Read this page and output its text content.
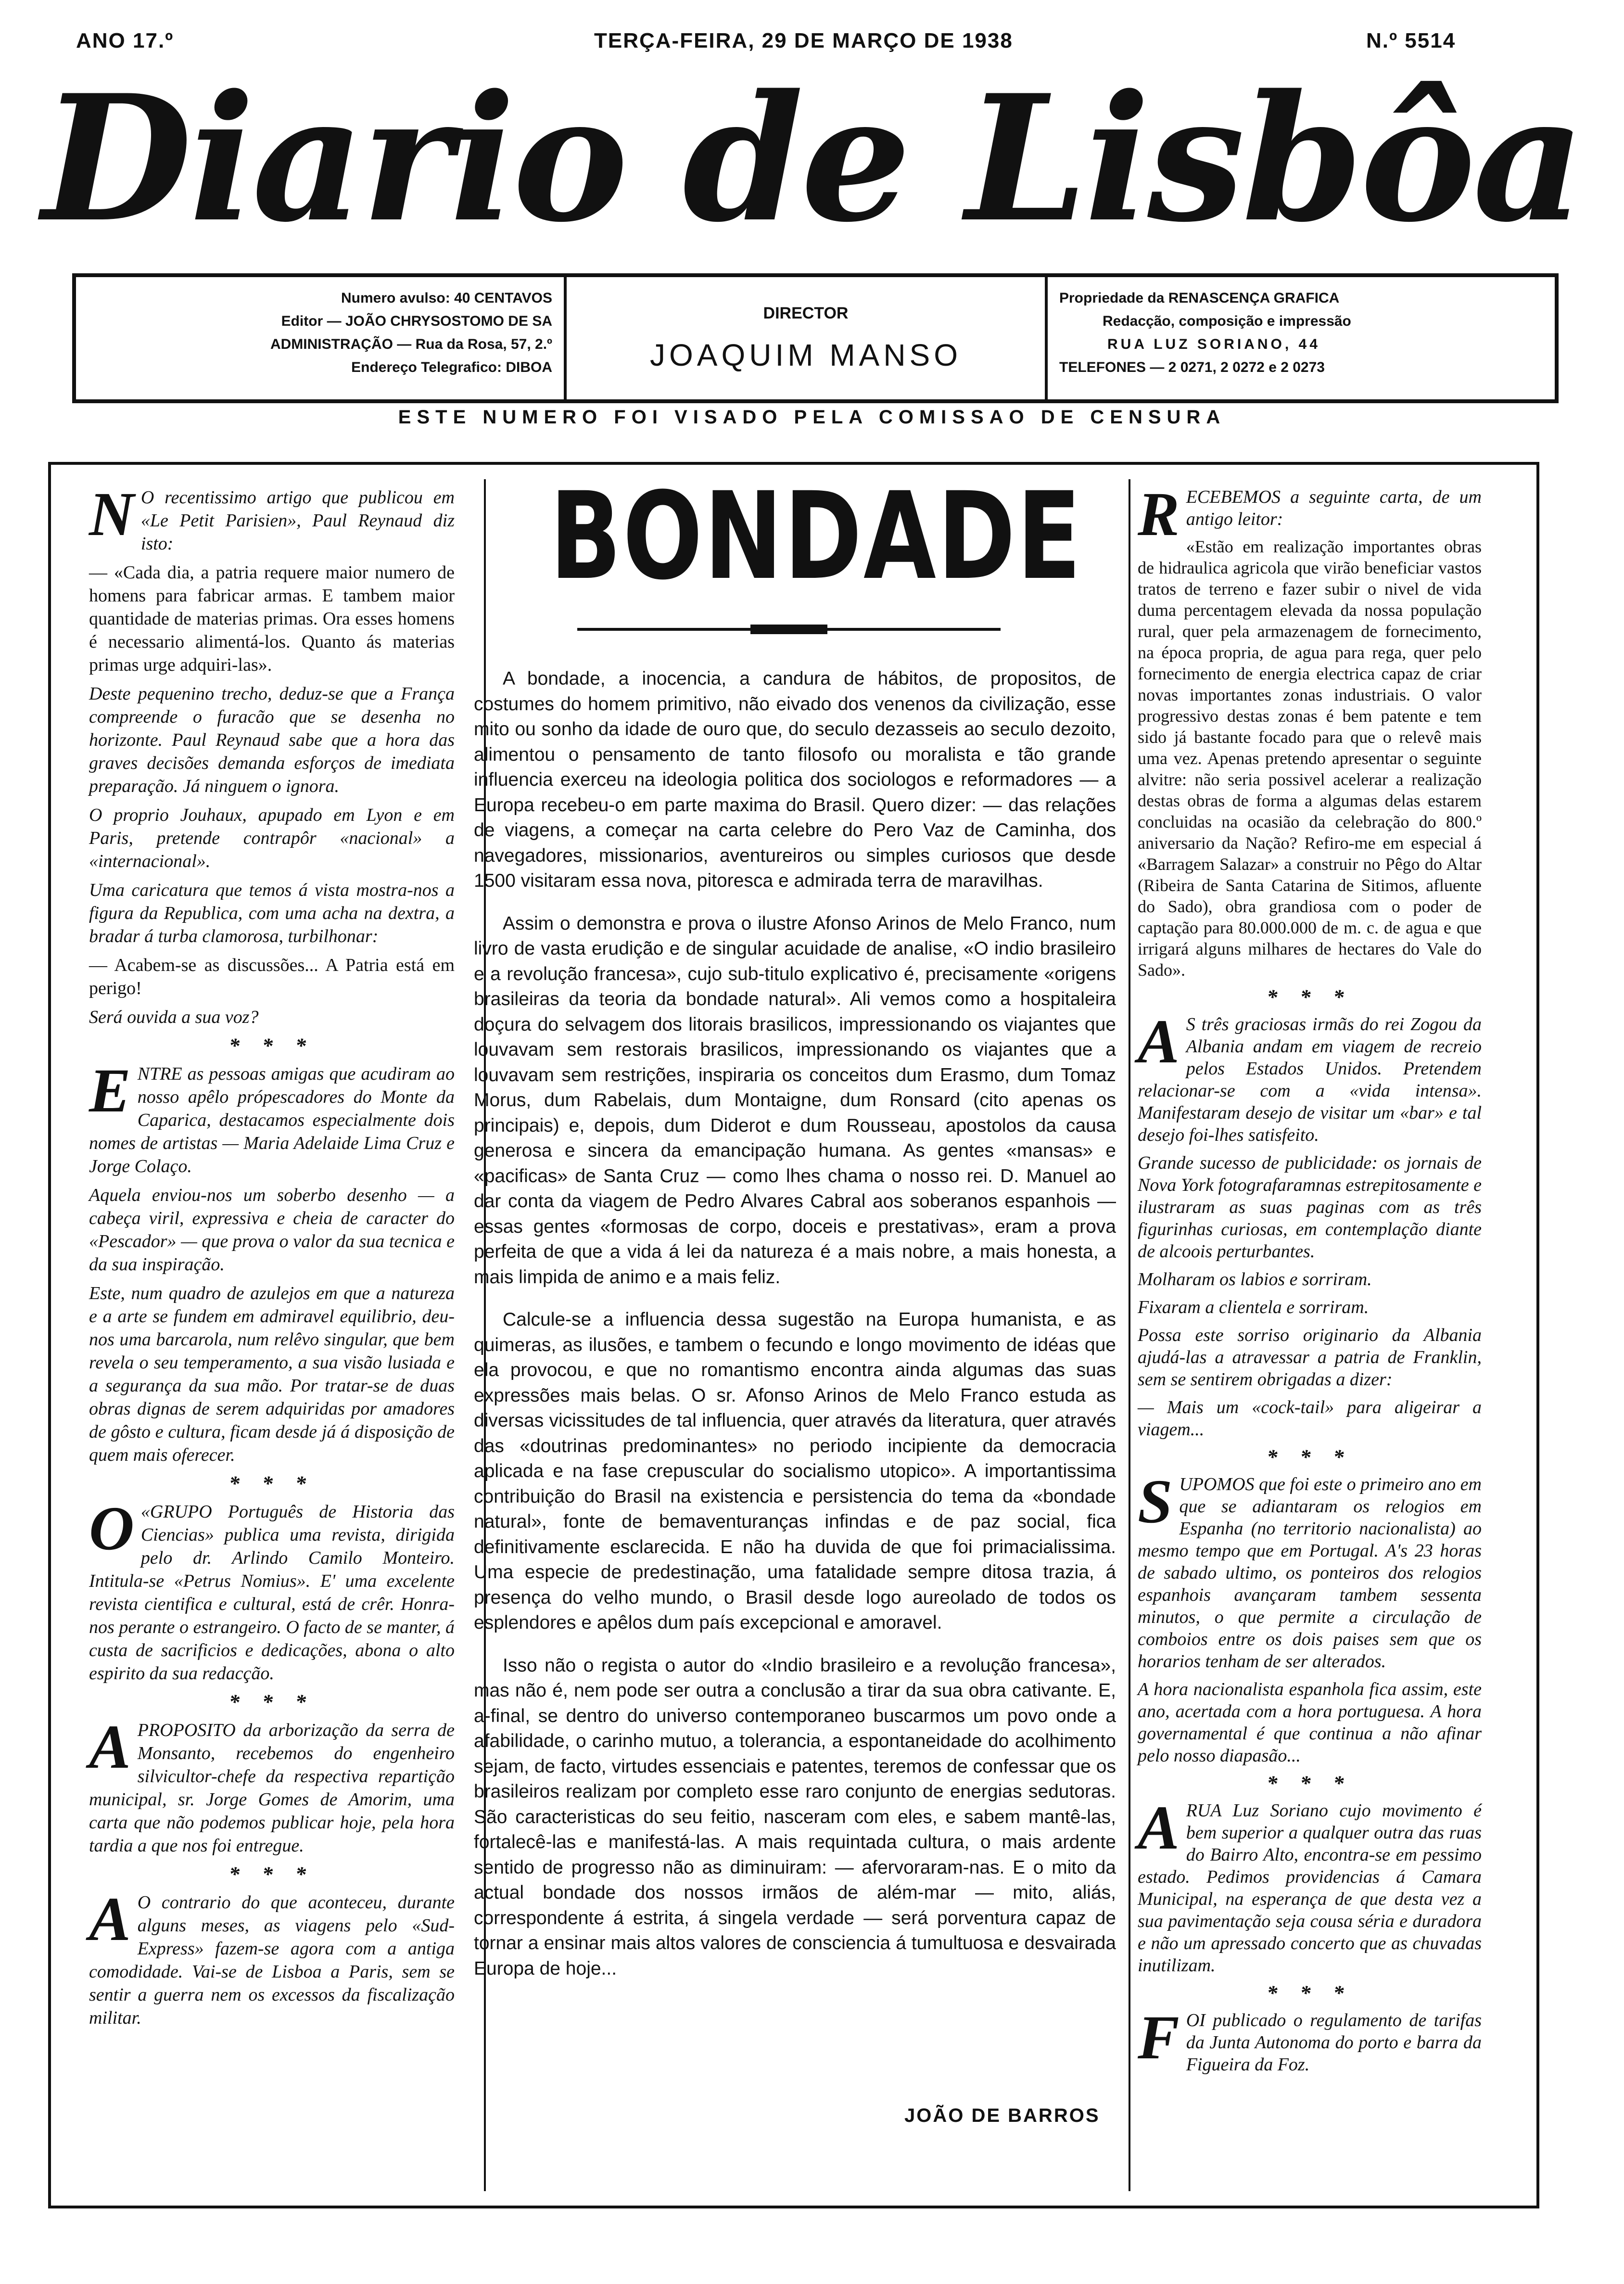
ANO 17.º	TERÇA-FEIRA, 29 DE MARÇO DE 1938	N.º 5514
Diario de Lisbôa
Numero avulso: 40 CENTAVOS
Editor — JOÃO CHRYSOSTOMO DE SA
ADMINISTRAÇÃO — Rua da Rosa, 57, 2.º
Endereço Telegrafico: DIBOA
DIRECTOR
JOAQUIM MANSO
Propriedade da RENASCENÇA GRAFICA
Redacção, composição e impressão
RUA LUZ SORIANO, 44
TELEFONES — 2 0271, 2 0272 e 2 0273
ESTE NUMERO FOI VISADO PELA COMISSAO DE CENSURA

N O recentissimo artigo que publicou em «Le Petit Parisien», Paul Reynaud diz isto:

— «Cada dia, a patria requere maior numero de homens para fabricar armas. E tambem maior quantidade de materias primas. Ora esses homens é necessario alimentá-los. Quanto ás materias primas urge adquiri-las».

Deste pequenino trecho, deduz-se que a França compreende o furacão que se desenha no horizonte. Paul Reynaud sabe que a hora das graves decisões demanda esforços de imediata preparação. Já ninguem o ignora.

O proprio Jouhaux, apupado em Lyon e em Paris, pretende contrapôr «nacional» a «internacional».

Uma caricatura que temos á vista mostra-nos a figura da Republica, com uma acha na dextra, a bradar á turba clamorosa, turbilhonar:

— Acabem-se as discussões... A Patria está em perigo!

Será ouvida a sua voz?

* * *

ENTRE as pessoas amigas que acudiram ao nosso apêlo própescadores do Monte da Caparica, destacamos especialmente dois nomes de artistas — Maria Adelaide Lima Cruz e Jorge Colaço.

Aquela enviou-nos um soberbo desenho — a cabeça viril, expressiva e cheia de caracter do «Pescador» — que prova o valor da sua tecnica e da sua inspiração.

Este, num quadro de azulejos em que a natureza e a arte se fundem em admiravel equilibrio, deu-nos uma barcarola, num relêvo singular, que bem revela o seu temperamento, a sua visão lusiada e a segurança da sua mão. Por tratar-se de duas obras dignas de serem adquiridas por amadores de gôsto e cultura, ficam desde já á disposição de quem mais oferecer.

* * *

O «GRUPO Português de Historia das Ciencias» publica uma revista, dirigida pelo dr. Arlindo Camilo Monteiro. Intitula-se «Petrus Nomius». E' uma excelente revista cientifica e cultural, está de crêr. Honra-nos perante o estrangeiro. O facto de se manter, á custa de sacrificios e dedicações, abona o alto espirito da sua redacção.

* * *

APROPOSITO da arborização da serra de Monsanto, recebemos do engenheiro silvicultor-chefe da respectiva repartição municipal, sr. Jorge Gomes de Amorim, uma carta que não podemos publicar hoje, pela hora tardia a que nos foi entregue.

* * *

A O contrario do que aconteceu, durante alguns meses, as viagens pelo «Sud-Express» fazem-se agora com a antiga comodidade. Vai-se de Lisboa a Paris, sem se sentir a guerra nem os excessos da fiscalização militar.

BONDADE

A bondade, a inocencia, a candura de hábitos, de propositos, de costumes do homem primitivo, não eivado dos venenos da civilização, esse mito ou sonho da idade de ouro que, do seculo dezasseis ao seculo dezoito, alimentou o pensamento de tanto filosofo ou moralista e tão grande influencia exerceu na ideologia politica dos sociologos e reformadores — a Europa recebeu-o em parte maxima do Brasil. Quero dizer: — das relações de viagens, a começar na carta celebre do Pero Vaz de Caminha, dos navegadores, missionarios, aventureiros ou simples curiosos que desde 1500 visitaram essa nova, pitoresca e admirada terra de maravilhas.

Assim o demonstra e prova o ilustre Afonso Arinos de Melo Franco, num livro de vasta erudição e de singular acuidade de analise, «O indio brasileiro e a revolução francesa», cujo sub-titulo explicativo é, precisamente «origens brasileiras da teoria da bondade natural». Ali vemos como a hospitaleira doçura do selvagem dos litorais brasilicos, impressionando os viajantes que louvavam sem restorais brasilicos, impressionando os viajantes que a louvavam sem restrições, inspiraria os conceitos dum Erasmo, dum Tomaz Morus, dum Rabelais, dum Montaigne, dum Ronsard (cito apenas os principais) e, depois, dum Diderot e dum Rousseau, apostolos da causa generosa e sincera da emancipação humana. As gentes «mansas» e «pacificas» de Santa Cruz — como lhes chama o nosso rei. D. Manuel ao dar conta da viagem de Pedro Alvares Cabral aos soberanos espanhois — essas gentes «formosas de corpo, doceis e prestativas», eram a prova perfeita de que a vida á lei da natureza é a mais nobre, a mais honesta, a mais limpida de animo e a mais feliz.

Calcule-se a influencia dessa sugestão na Europa humanista, e as quimeras, as ilusões, e tambem o fecundo e longo movimento de idéas que ela provocou, e que no romantismo encontra ainda algumas das suas expressões mais belas. O sr. Afonso Arinos de Melo Franco estuda as diversas vicissitudes de tal influencia, quer através da literatura, quer através das «doutrinas predominantes» no periodo incipiente da democracia aplicada e na fase crepuscular do socialismo utopico». A importantissima contribuição do Brasil na existencia e persistencia do tema da «bondade natural», fonte de bemaventuranças infindas e de paz social, fica definitivamente esclarecida. E não ha duvida de que foi primacialissima. Uma especie de predestinação, uma fatalidade sempre ditosa trazia, á presença do velho mundo, o Brasil desde logo aureolado de todos os esplendores e apêlos dum país excepcional e amoravel.

Isso não o regista o autor do «Indio brasileiro e a revolução francesa», mas não é, nem pode ser outra a conclusão a tirar da sua obra cativante. E, a-final, se dentro do universo contemporaneo buscarmos um povo onde a afabilidade, o carinho mutuo, a tolerancia, a espontaneidade do acolhimento sejam, de facto, virtudes essenciais e patentes, teremos de confessar que os brasileiros realizam por completo esse raro conjunto de energias sedutoras. São caracteristicas do seu feitio, nasceram com eles, e sabem mantê-las, fortalecê-las e manifestá-las. A mais requintada cultura, o mais ardente sentido de progresso não as diminuiram: — afervoraram-nas. E o mito da actual bondade dos nossos irmãos de além-mar — mito, aliás, correspondente á estrita, á singela verdade — será porventura capaz de tornar a ensinar mais altos valores de consciencia á tumultuosa e desvairada Europa de hoje...

JOÃO DE BARROS

RECEBEMOS a seguinte carta, de um antigo leitor:

«Estão em realização importantes obras de hidraulica agricola que virão beneficiar vastos tratos de terreno e fazer subir o nivel de vida duma percentagem elevada da nossa população rural, quer pela armazenagem de fornecimento, na época propria, de agua para rega, quer pelo fornecimento de energia electrica capaz de criar novas importantes zonas industriais. O valor progressivo destas zonas é bem patente e tem sido já bastante focado para que o relevê mais uma vez. Apenas pretendo apresentar o seguinte alvitre: não seria possivel acelerar a realização destas obras de forma a algumas delas estarem concluidas na ocasião da celebração do 800.º aniversario da Nação? Refiro-me em especial á «Barragem Salazar» a construir no Pêgo do Altar (Ribeira de Santa Catarina de Sitimos, afluente do Sado), obra grandiosa com o poder de captação para 80.000.000 de m. c. de agua e que irrigará alguns milhares de hectares do Vale do Sado».

* * *

A S três graciosas irmãs do rei Zogou da Albania andam em viagem de recreio pelos Estados Unidos. Pretendem relacionar-se com a «vida intensa». Manifestaram desejo de visitar um «bar» e tal desejo foi-lhes satisfeito.

Grande sucesso de publicidade: os jornais de Nova York fotografaramnas estrepitosamente e ilustraram as suas paginas com as três figurinhas curiosas, em contemplação diante de alcoois perturbantes.

Molharam os labios e sorriram.

Fixaram a clientela e sorriram.

Possa este sorriso originario da Albania ajudá-las a atravessar a patria de Franklin, sem se sentirem obrigadas a dizer:

— Mais um «cock-tail» para aligeirar a viagem...

* * *

SUPOMOS que foi este o primeiro ano em que se adiantaram os relogios em Espanha (no territorio nacionalista) ao mesmo tempo que em Portugal. A's 23 horas de sabado ultimo, os ponteiros dos relogios espanhois avançaram tambem sessenta minutos, o que permite a circulação de comboios entre os dois paises sem que os horarios tenham de ser alterados.

A hora nacionalista espanhola fica assim, este ano, acertada com a hora portuguesa. A hora governamental é que continua a não afinar pelo nosso diapasão...

* * *

ARUA Luz Soriano cujo movimento é bem superior a qualquer outra das ruas do Bairro Alto, encontra-se em pessimo estado. Pedimos providencias á Camara Municipal, na esperança de que desta vez a sua pavimentação seja cousa séria e duradora e não um apressado concerto que as chuvadas inutilizam.

* * *

FOI publicado o regulamento de tarifas da Junta Autonoma do porto e barra da Figueira da Foz.
